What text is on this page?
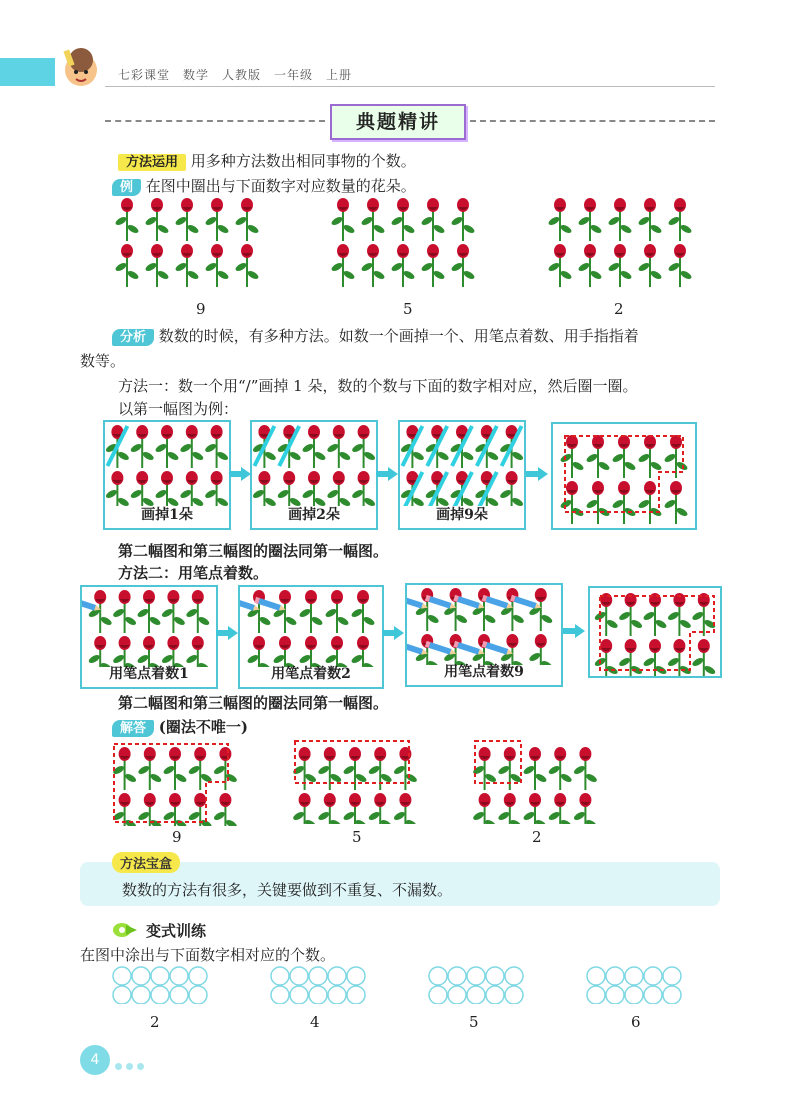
七彩课堂　数学　人教版　一年级　上册
典题精讲
方法运用 用多种方法数出相同事物的个数。
例 在图中圈出与下面数字对应数量的花朵。
9	5	2
分析 数数的时候，有多种方法。如数一个画掉一个、用笔点着数、用手指指着
数等。
方法一：数一个用“/”画掉 1 朵，数的个数与下面的数字相对应，然后圈一圈。
以第一幅图为例：
画掉1朵	画掉2朵	画掉9朵
第二幅图和第三幅图的圈法同第一幅图。
方法二：用笔点着数。
用笔点着数1	用笔点着数2	用笔点着数9
第二幅图和第三幅图的圈法同第一幅图。
解答 (圈法不唯一)
9	5	2
方法宝盒
数数的方法有很多，关键要做到不重复、不漏数。
变式训练
在图中涂出与下面数字相对应的个数。
2	4	5	6
4
